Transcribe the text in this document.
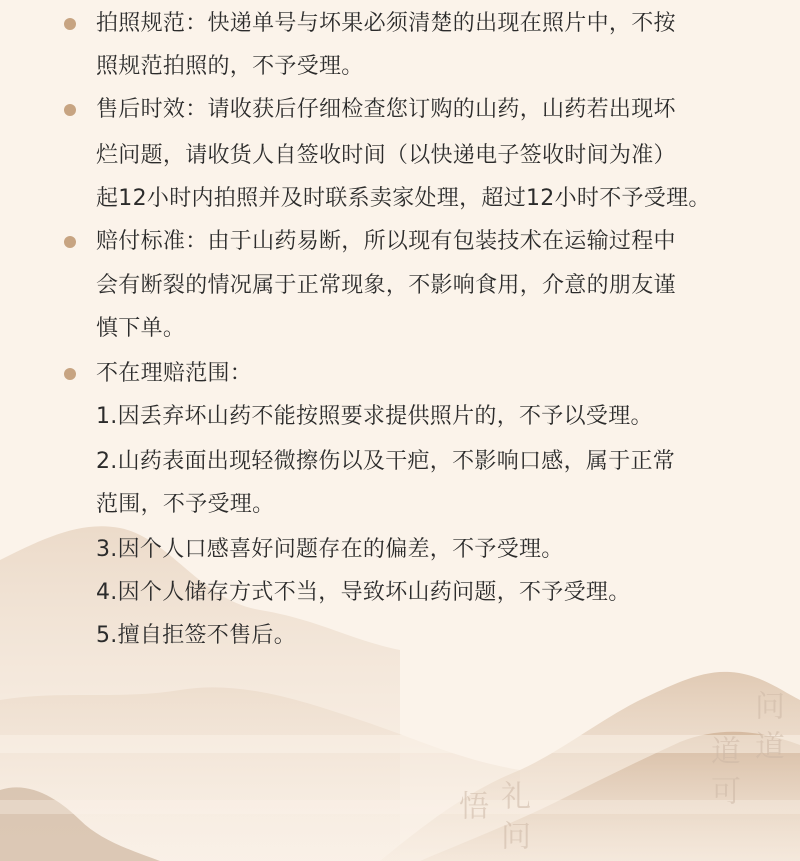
问道
道可
礼问
悟
拍照规范：快递单号与坏果必须清楚的出现在照片中，不按
照规范拍照的，不予受理。
售后时效：请收获后仔细检查您订购的山药，山药若出现坏
烂问题，请收货人自签收时间（以快递电子签收时间为准）
起12小时内拍照并及时联系卖家处理，超过12小时不予受理。
赔付标准：由于山药易断，所以现有包装技术在运输过程中
会有断裂的情况属于正常现象，不影响食用，介意的朋友谨
慎下单。
不在理赔范围：
1.因丢弃坏山药不能按照要求提供照片的，不予以受理。
2.山药表面出现轻微擦伤以及干疤，不影响口感，属于正常
范围，不予受理。
3.因个人口感喜好问题存在的偏差，不予受理。
4.因个人储存方式不当，导致坏山药问题，不予受理。
5.擅自拒签不售后。
